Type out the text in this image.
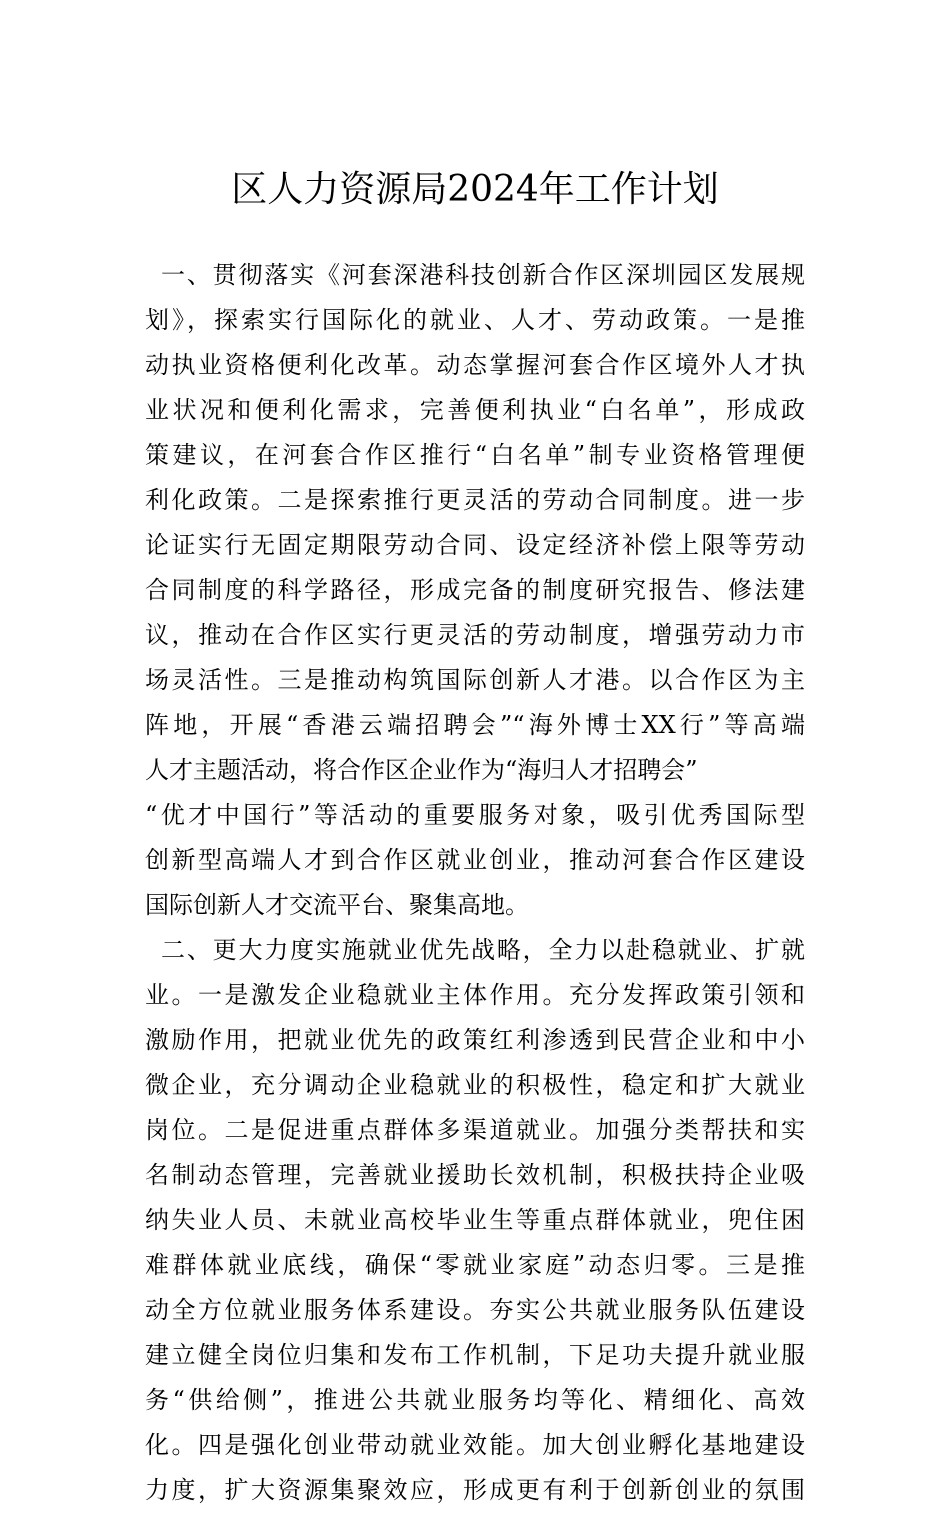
区人力资源局2024年工作计划
一、贯彻落实《河套深港科技创新合作区深圳园区发展规
划》，探索实行国际化的就业、人才、劳动政策。一是推
动执业资格便利化改革。动态掌握河套合作区境外人才执
业状况和便利化需求，完善便利执业“白名单”，形成政
策建议，在河套合作区推行“白名单”制专业资格管理便
利化政策。二是探索推行更灵活的劳动合同制度。进一步
论证实行无固定期限劳动合同、设定经济补偿上限等劳动
合同制度的科学路径，形成完备的制度研究报告、修法建
议，推动在合作区实行更灵活的劳动制度，增强劳动力市
场灵活性。三是推动构筑国际创新人才港。以合作区为主
阵地，开展“香港云端招聘会”“海外博士XX行”等高端
人才主题活动，将合作区企业作为“海归人才招聘会”
“优才中国行”等活动的重要服务对象，吸引优秀国际型
创新型高端人才到合作区就业创业，推动河套合作区建设
国际创新人才交流平台、聚集高地。
二、更大力度实施就业优先战略，全力以赴稳就业、扩就
业。一是激发企业稳就业主体作用。充分发挥政策引领和
激励作用，把就业优先的政策红利渗透到民营企业和中小
微企业，充分调动企业稳就业的积极性，稳定和扩大就业
岗位。二是促进重点群体多渠道就业。加强分类帮扶和实
名制动态管理，完善就业援助长效机制，积极扶持企业吸
纳失业人员、未就业高校毕业生等重点群体就业，兜住困
难群体就业底线，确保“零就业家庭”动态归零。三是推
动全方位就业服务体系建设。夯实公共就业服务队伍建设
建立健全岗位归集和发布工作机制，下足功夫提升就业服
务“供给侧”，推进公共就业服务均等化、精细化、高效
化。四是强化创业带动就业效能。加大创业孵化基地建设
力度，扩大资源集聚效应，形成更有利于创新创业的氛围
